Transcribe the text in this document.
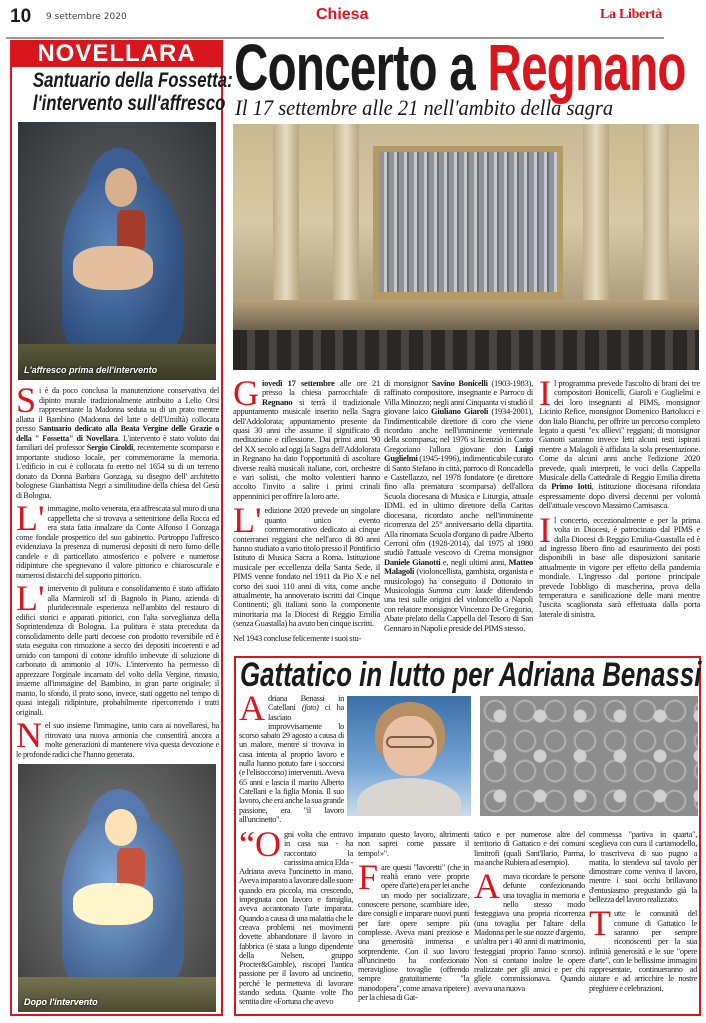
10 9 settembre 2020	Chiesa	La Libertà
NOVELLARA
Santuario della Fossetta:
l'intervento sull'affresco
L'affresco prima dell'intervento
Dopo l'intervento

Si è da poco conclusa la manutenzione conservativa del dipinto murale tradizionalmente attribuito a Lelio Orsi rappresentante la Madonna seduta su di un prato mentre allatta il Bambino (Madonna del latte o dell'Umiltà) collocata presso Santuario dedicato alla Beata Vergine delle Grazie o della " Fossetta" di Novellara. L'intervento è stato voluto dai familiari del professor Sergio Ciroldi, recentemente scomparso e importante studioso locale, per commemorarne la memoria. L'edificio in cui è collocata fu eretto nel 1654 su di un terreno donato da Donna Barbara Gonzaga, su disegno dell' architetto bolognese Gianbattista Negri a similitudine della chiesa del Gesù di Bologna.

L' immagine, molto venerata, era affrescata sul muro di una cappelletta che si trovava a settentrione della Rocca ed era stata fatta innalzare da Conte Alfonso I Gonzaga come fondale prospettico del suo gabinetto. Purtroppo l'affresco evidenziava la presenza di numerosi depositi di nero fumo delle candele e di particellato atmosferico e polvere e numerose ridipinture che spegnevano il valore pittorico e chiaroscurale e numerosi distacchi del supporto pittorico.

L' intervento di pulitura e consolidamento è stato affidato alla Marmiroli srl di Bagnolo in Piano, azienda di pluridecennale esperienza nell'ambito del restauro di edifici storici e apparati pittorici, con l'alta sorveglianza della Soprintendenza di Bologna. La pulitura è stata preceduta da consolidamento delle parti decoese con prodotto reversibile ed è stata eseguita con rimozione a secco dei depositi incoerenti e ad umido con tamponi di cotone idrofilo imbevute di soluzione di carbonato di ammonio al 10%. L'intervento ha permesso di apprezzare l'orginale incarnato del volto della Vergine, rimasto, insieme all'immagine del Bambino, in gran parte originale; il manto, lo sfondo, il prato sono, invece, stati oggetto nel tempo di quasi integali ridipinture, probabilmente ripercorrendo i tratti originali.

Nel suo insieme l'immagine, tanto cara ai novellaresi, ha ritrovato una nuova armonia che consentirà ancora a molte generazioni di mantenere viva questa devozione e le profonde radici che l'hanno generata.

Concerto a Regnano
Il 17 settembre alle 21 nell'ambito della sagra

Giovedì 17 settembre alle ore 21 presso la chiesa parrocchiale di Regnano si terrà il tradizionale appuntamento musicale inserito nella Sagra dell'Addolorata; appuntamento presente da quasi 30 anni che assume il significato di meditazione e riflessione. Dai primi anni '90 del XX secolo ad oggi la Sagra dell'Addolorata in Regnano ha dato l'opportunità di ascoltare diverse realtà musicali italiane, cori, orchestre e vari solisti, che molto volentieri hanno accolto l'invito a salire i primi crinali appenninici per offrire la loro arte.

L' edizione 2020 prevede un singolare quanto unico evento commemorativo dedicato ai cinque conterranei reggiani che nell'arco di 80 anni hanno studiato a vario titolo presso il Pontificio Istituto di Musica Sacra a Roma. Istituzione musicale per eccellenza della Santa Sede, il PIMS venne fondato nel 1911 da Pio X e nel corso dei suoi 110 anni di vita, come anche attualmente, ha annoverato iscritti dai Cinque Continenti; gli italiani sono la componente minoritaria ma la Diocesi di Reggio Emilia (senza Guastalla) ha avuto ben cinque iscritti.

Nel 1943 concluse felicemente i suoi stu-

di monsignor Savino Bonicelli (1903-1983), raffinato compositore, insegnante e Parroco di Villa Minozzo; negli anni Cinquanta vi studiò il giovane laico Giuliano Giaroli (1934-2001), l'indimenticabile direttore di coro che viene ricordato anche nell'imminente ventennale della scomparsa; nel 1976 si licenziò in Canto Gregoriano l'allora giovane don Luigi Guglielmi (1945-1996), indimenticabile curato di Santo Stefano in città, parroco di Roncadella e Castellazzo, nel 1978 fondatore (e direttore fino alla prematura scomparsa) dell'allora Scuola diocesana di Musica e Liturgia, attuale IDML ed in ultimo direttore della Caritas diocesana, ricordato anche nell'imminente ricorrenza del 25° anniversario della dipartita. Alla rinomata Scuola d'organo di padre Alberto Cerroni ofm (1928-2014), dal 1975 al 1980 studiò l'attuale vescovo di Crema monsignor Daniele Gianotti e, negli ultimi anni, Matteo Malagoli (violoncellista, gambista, organista e musicologo) ha conseguito il Dottorato in Musicologia Summa cum laude difendendo una tesi sulle origini del violoncello a Napoli con relatore monsignor Vincenzo De Gregorio, Abate prelato della Cappella del Tesoro di San Gennaro in Napoli e preside del PIMS stesso.

Il programma prevede l'ascolto di brani dei tre compositori Bonicelli, Giaroli e Guglielmi e dei loro insegnanti al PIMS, monsignor Licinio Refice, monsignor Domenico Bartolucci e don Italo Bianchi, per offrire un percorso completo legato a questi "ex allievi" reggiani; di monsignor Gianotti saranno invece letti alcuni testi ispirati mentre a Malagoli è affidata la sola presentazione. Come da alcuni anni anche l'edizione 2020 prevede, quali interpreti, le voci della Cappella Musicale della Cattedrale di Reggio Emilia diretta da Primo Iotti, istituzione diocesana rifondata espressamente dopo diversi decenni per volontà dell'attuale vescovo Massimo Camisasca.

Il concerto, eccezionalmente e per la prima volta in Diocesi, è patrocinato dal PIMS e dalla Diocesi di Reggio Emilia-Guastalla ed è ad ingresso libero fino ad esaurimento dei posti disponibili in base alle disposizioni sanitarie attualmente in vigore per effetto della pandemia mondiale. L'ingresso dal portone principale prevede l'obbligo di mascherina, prova della temperatura e sanificazione delle mani mentre l'uscita scaglionata sarà effettuata dalla porta laterale di sinistra.

Gattatico in lutto per Adriana Benassi

Adriana Benassi in Catellani (foto) ci ha lasciato improvvisamente lo scorso sabato 29 agosto a causa di un malore, mentre si trovava in casa intenta al proprio lavoro e nulla hanno potuto fare i soccorsi (e l'elisoccorso) intervenuti. Aveva 65 anni e lascia il marito Alberto Catellani e la figlia Monia. Il suo lavoro, che era anche la sua grande passione, era "il lavoro all'uncinetto".

“Ogni volta che entravo in casa sua - ha raccontato la carissima amica Elda - Adriana aveva l'uncinetto in mano. Aveva imparato a lavorare dalle suore quando era piccola, ma crescendo, impegnata con lavoro e famiglia, aveva accantonato l'arte imparata. Quando a causa di una malattia che le creava problemi nei movimenti dovette abbandonare il lavoro in fabbrica (è stata a lungo dipendente della Nelsen, gruppo Procter&Gamble), riscoprì l'antica passione per il lavoro ad uncinetto, perché le permetteva di lavorare stando seduta. Quante volte l'ho sentita dire «Fortuna che avevo

imparato questo lavoro, altrimenti non saprei come passare il tempo!»".

Fare questi "lavoretti" (che in realtà erano vere proprie opere d'arte) era per lei anche un modo per socializzare, conoscere persone, scambiare idee, dare consigli e imparare nuovi punti per fare opere sempre più complesse. Aveva mani preziose e una generosità immensa e sorprendente. Con il suo lavoro all'uncinetto ha confezionato meravigliose tovaglie (offrendo sempre gratuitamente "la manodopera", come amava ripetere) per la chiesa di Gat-

tatico e per numerose altre del territorio di Gattatico e dei comuni limitrofi (quali Sant'Ilario, Parma, ma anche Rubiera ad esempio).

Amava ricordare le persone defunte confezionando una tovaglia in memoria e nello stesso modo festeggiava una propria ricorrenza (una tovaglia per l'altare della Madonna per le sue nozze d'argento, un'altra per i 40 anni di matrimonio, festeggiati proprio l'anno scorso). Non si contano inoltre le opere realizzate per gli amici e per chi gliele commissionava. Quando aveva una nuova

commessa "partiva in quarta", sceglieva con cura il cartamodello, lo trascriveva di suo pugno a matita, lo stendeva sul tavolo per dimostrare come veniva il lavoro, mentre i suoi occhi brillavano d'entusiasmo pregustando già la bellezza del lavoro realizzato.

Tutte le comunità del comune di Gattatico le saranno per sempre riconoscenti per la sua infinità generosità e le sue "opere d'arte", con le bellissime immagini rappresentate, continueranno ad aiutare e ad arricchire le nostre preghiere e celebrazioni.
